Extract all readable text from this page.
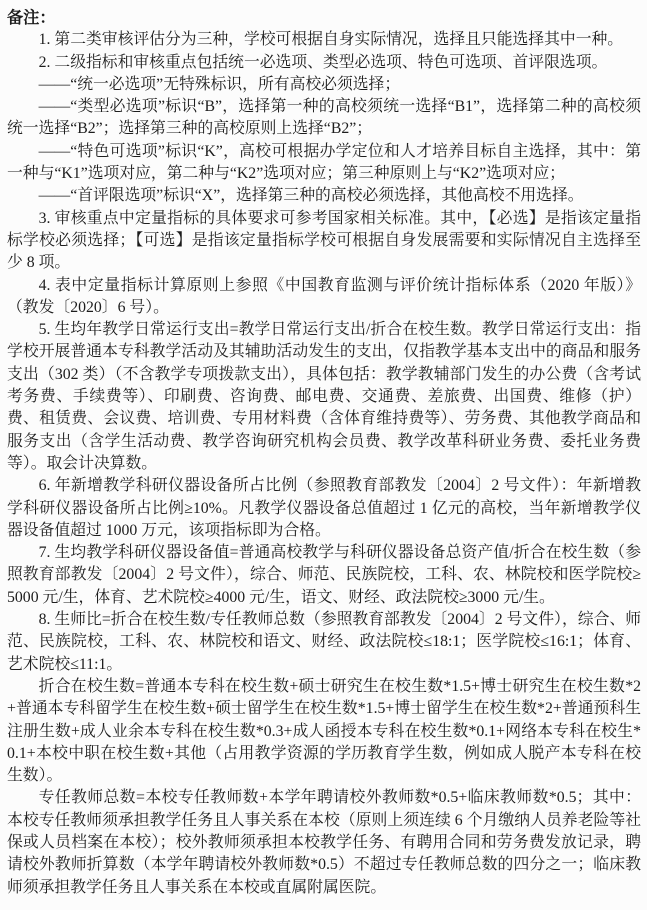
备注：

1. 第二类审核评估分为三种，学校可根据自身实际情况，选择且只能选择其中一种。

2. 二级指标和审核重点包括统一必选项、类型必选项、特色可选项、首评限选项。

——“统一必选项”无特殊标识，所有高校必须选择；

——“类型必选项”标识“B”，选择第一种的高校须统一选择“B1”，选择第二种的高校须统一选择“B2”；选择第三种的高校原则上选择“B2”；

——“特色可选项”标识“K”，高校可根据办学定位和人才培养目标自主选择，其中：第一种与“K1”选项对应，第二种与“K2”选项对应；第三种原则上与“K2”选项对应；

——“首评限选项”标识“X”，选择第三种的高校必须选择，其他高校不用选择。

3. 审核重点中定量指标的具体要求可参考国家相关标准。其中，【必选】是指该定量指标学校必须选择；【可选】是指该定量指标学校可根据自身发展需要和实际情况自主选择至少 8 项。

4. 表中定量指标计算原则上参照《中国教育监测与评价统计指标体系（2020 年版）》（教发〔2020〕6 号）。

5. 生均年教学日常运行支出=教学日常运行支出/折合在校生数。教学日常运行支出：指学校开展普通本专科教学活动及其辅助活动发生的支出，仅指教学基本支出中的商品和服务支出（302 类）（不含教学专项拨款支出），具体包括：教学教辅部门发生的办公费（含考试考务费、手续费等）、印刷费、咨询费、邮电费、交通费、差旅费、出国费、维修（护）费、租赁费、会议费、培训费、专用材料费（含体育维持费等）、劳务费、其他教学商品和服务支出（含学生活动费、教学咨询研究机构会员费、教学改革科研业务费、委托业务费等）。取会计决算数。

6. 年新增教学科研仪器设备所占比例（参照教育部教发〔2004〕2 号文件）：年新增教学科研仪器设备所占比例≥10%。凡教学仪器设备总值超过 1 亿元的高校，当年新增教学仪器设备值超过 1000 万元，该项指标即为合格。

7. 生均教学科研仪器设备值=普通高校教学与科研仪器设备总资产值/折合在校生数（参照教育部教发〔2004〕2 号文件），综合、师范、民族院校，工科、农、林院校和医学院校≥5000 元/生，体育、艺术院校≥4000 元/生，语文、财经、政法院校≥3000 元/生。

8. 生师比=折合在校生数/专任教师总数（参照教育部教发〔2004〕2 号文件），综合、师范、民族院校，工科、农、林院校和语文、财经、政法院校≤18:1；医学院校≤16:1；体育、艺术院校≤11:1。

折合在校生数=普通本专科在校生数+硕士研究生在校生数*1.5+博士研究生在校生数*2+普通本专科留学生在校生数+硕士留学生在校生数*1.5+博士留学生在校生数*2+普通预科生注册生数+成人业余本专科在校生数*0.3+成人函授本专科在校生数*0.1+网络本专科在校生*0.1+本校中职在校生数+其他（占用教学资源的学历教育学生数，例如成人脱产本专科在校生数）。

专任教师总数=本校专任教师数+本学年聘请校外教师数*0.5+临床教师数*0.5；其中：本校专任教师须承担教学任务且人事关系在本校（原则上须连续 6 个月缴纳人员养老险等社保或人员档案在本校）；校外教师须承担本校教学任务、有聘用合同和劳务费发放记录，聘请校外教师折算数（本学年聘请校外教师数*0.5）不超过专任教师总数的四分之一；临床教师须承担教学任务且人事关系在本校或直属附属医院。
